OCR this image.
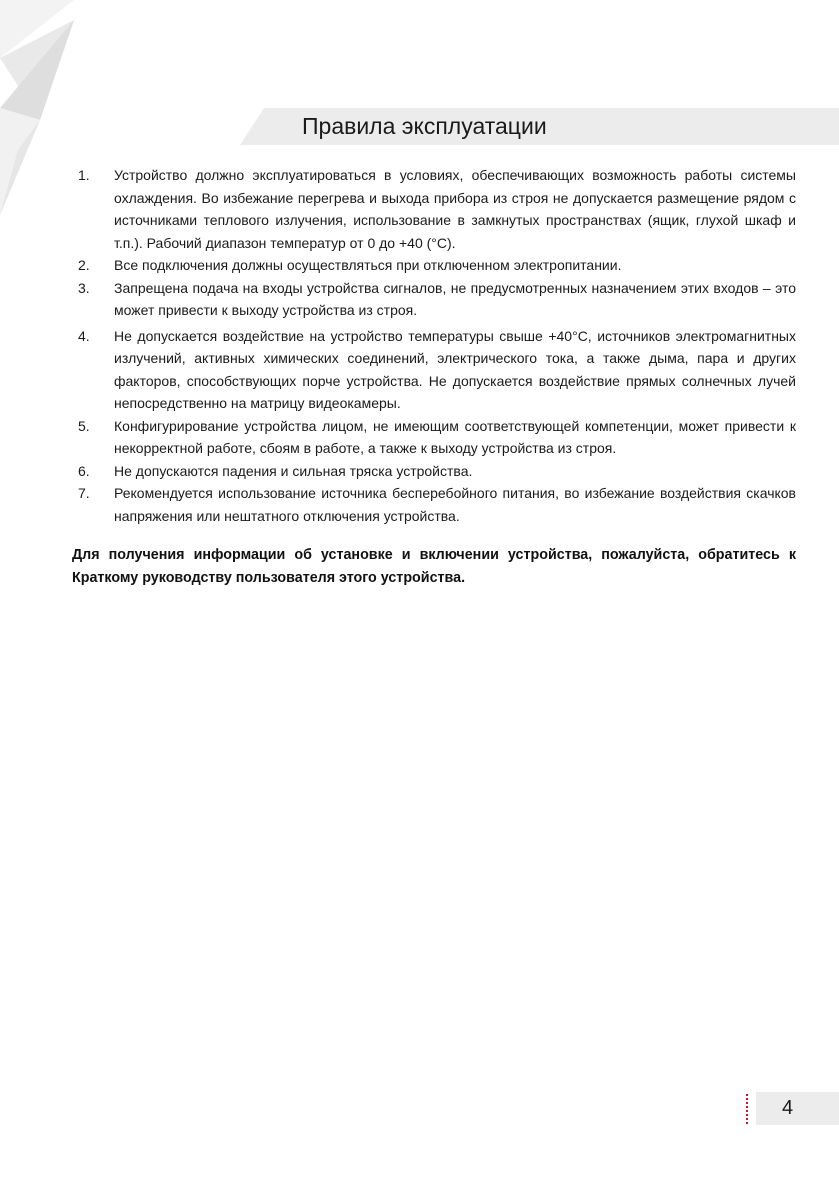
Правила эксплуатации
1. Устройство должно эксплуатироваться в условиях, обеспечивающих возможность работы системы охлаждения. Во избежание перегрева и выхода прибора из строя не допускается размещение рядом с источниками теплового излучения, использование в замкнутых пространствах (ящик, глухой шкаф и т.п.). Рабочий диапазон температур от 0 до +40 (°С).
2. Все подключения должны осуществляться при отключенном электропитании.
3. Запрещена подача на входы устройства сигналов, не предусмотренных назначением этих входов – это может привести к выходу устройства из строя.
4. Не допускается воздействие на устройство температуры свыше +40°С, источников электромагнитных излучений, активных химических соединений, электрического тока, а также дыма, пара и других факторов, способствующих порче устройства. Не допускается воздействие прямых солнечных лучей непосредственно на матрицу видеокамеры.
5. Конфигурирование устройства лицом, не имеющим соответствующей компетенции, может привести к некорректной работе, сбоям в работе, а также к выходу устройства из строя.
6. Не допускаются падения и сильная тряска устройства.
7. Рекомендуется использование источника бесперебойного питания, во избежание воздействия скачков напряжения или нештатного отключения устройства.

Для получения информации об установке и включении устройства, пожалуйста, обратитесь к Краткому руководству пользователя этого устройства.

4
